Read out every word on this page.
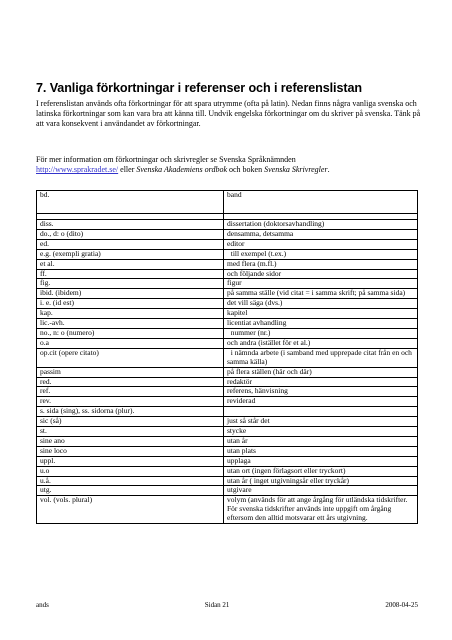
7. Vanliga förkortningar i referenser och i referenslistan

I referenslistan används ofta förkortningar för att spara utrymme (ofta på latin). Nedan finns några vanliga svenska och latinska förkortningar som kan vara bra att känna till. Undvik engelska förkortningar om du skriver på svenska. Tänk på att vara konsekvent i användandet av förkortningar.

För mer information om förkortningar och skrivregler se Svenska Språknämnden
http://www.sprakradet.se/ eller Svenska Akademiens ordbok och boken Svenska Skrivregler.

bd.	band

diss.	dissertation (doktorsavhandling)
do., d: o (dito)	densamma, detsamma
ed.	editor
e.g. (exempli gratia)	till exempel (t.ex.)
et al.	med flera (m.fl.)
ff.	och följande sidor
fig.	figur
ibid. (ibidem)	på samma ställe (vid citat = i samma skrift; på samma sida)
i. e. (id est)	det vill säga (dvs.)
kap.	kapitel
lic.-avh.	licentiat avhandling
no., n: o (numero)	nummer (nr.)
o.a	och andra (istället för et al.)
op.cit (opere citato)	i nämnda arbete (i samband med upprepade citat från en och samma källa)
passim	på flera ställen (här och där)
red.	redaktör
ref.	referens, hänvisning
rev.	reviderad
s. sida (sing), ss. sidorna (plur).	
sic (så)	just så står det
st.	stycke
sine ano	utan år
sine loco	utan plats
uppl.	upplaga
u.o	utan ort (ingen förlagsort eller tryckort)
u.å.	utan år ( inget utgivningsår eller tryckår)
utg.	utgivare
vol. (vols. plural)	volym (används för att ange årgång för utländska tidskrifter. För svenska tidskrifter används inte uppgift om årgång eftersom den alltid motsvarar ett års utgivning.
ands	Sidan 21	2008-04-25
